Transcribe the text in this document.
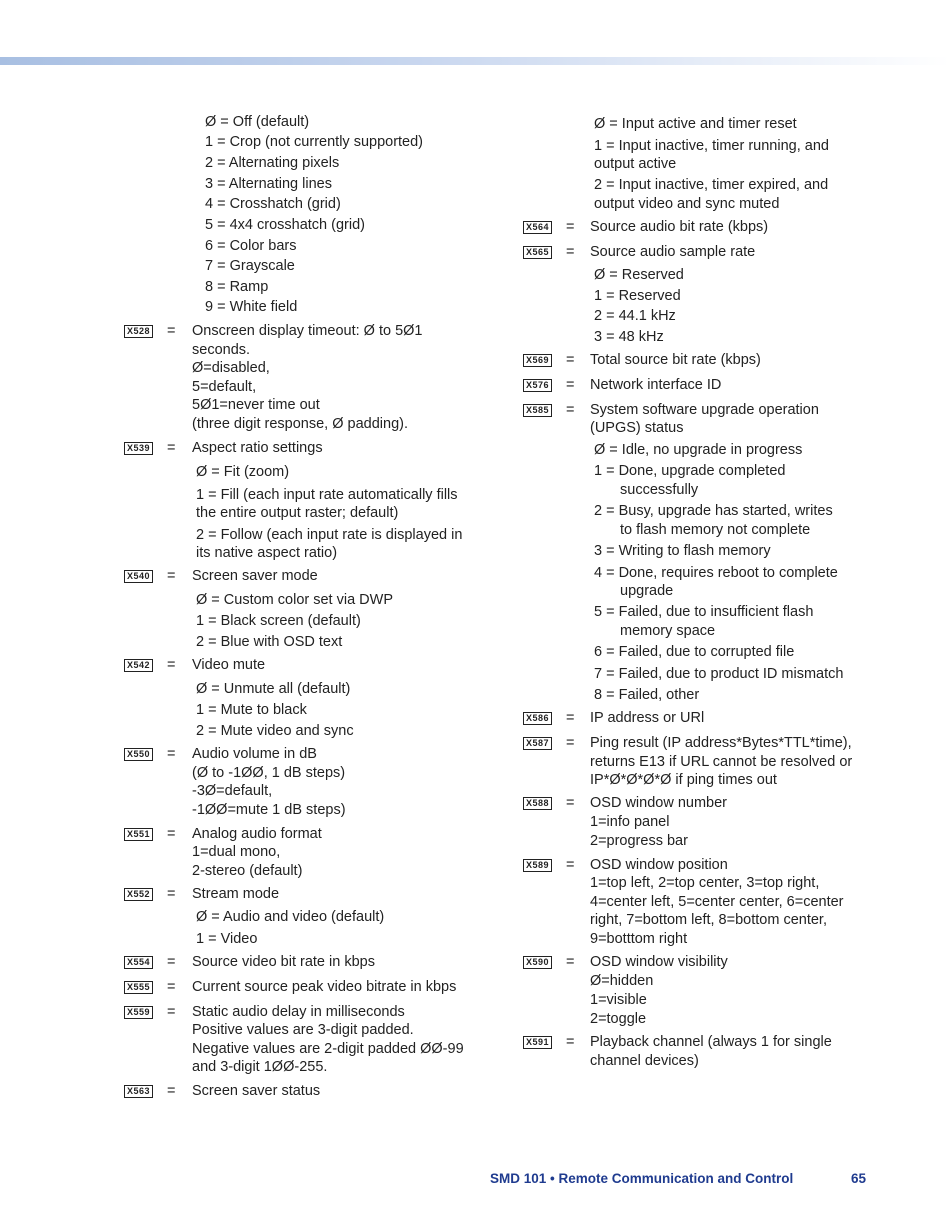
Ø = Off (default)
1 = Crop (not currently supported)
2 = Alternating pixels
3 = Alternating lines
4 = Crosshatch (grid)
5 = 4x4 crosshatch (grid)
6 = Color bars
7 = Grayscale
8 = Ramp
9 = White field
Onscreen display timeout: Ø to 5Ø1
seconds.
Ø=disabled,
5=default,
5Ø1=never time out
(three digit response, Ø padding).
Aspect ratio settings
Ø = Fit (zoom)
1 = Fill (each input rate automatically fills
the entire output raster; default)
2 = Follow (each input rate is displayed in
its native aspect ratio)
Screen saver mode
Ø = Custom color set via DWP
1 = Black screen (default)
2 = Blue with OSD text
Video mute
Ø = Unmute all (default)
1 = Mute to black
2 = Mute video and sync
Audio volume in dB
(Ø to -1ØØ, 1 dB steps)
-3Ø=default,
-1ØØ=mute 1 dB steps)
Analog audio format
1=dual mono,
2-stereo (default)
Stream mode
Ø = Audio and video (default)
1 = Video
Source video bit rate in kbps
Current source peak video bitrate in kbps
Static audio delay in milliseconds
Positive values are 3-digit padded.
Negative values are 2-digit padded ØØ-99
and 3-digit 1ØØ-255.
Screen saver status
X528 =
X539 =
X540 =
X542 =
X550 =
X551 =
X552 =
X554 =
X555 =
X559 =
X563 =
Ø = Input active and timer reset
1 = Input inactive, timer running, and
output active
2 = Input inactive, timer expired, and
output video and sync muted
Source audio bit rate (kbps)
Source audio sample rate
Ø = Reserved
1 = Reserved
2 = 44.1 kHz
3 = 48 kHz
Total source bit rate (kbps)
Network interface ID
System software upgrade operation
(UPGS) status
Ø = Idle, no upgrade in progress
1 = Done, upgrade completed
successfully
2 = Busy, upgrade has started, writes
to flash memory not complete
3 = Writing to flash memory
4 = Done, requires reboot to complete
upgrade
5 = Failed, due to insufficient flash
memory space
6 = Failed, due to corrupted file
7 = Failed, due to product ID mismatch
8 = Failed, other
IP address or URl
Ping result (IP address*Bytes*TTL*time),
returns E13 if URL cannot be resolved or
IP*Ø*Ø*Ø*Ø if ping times out
OSD window number
1=info panel
2=progress bar
OSD window position
1=top left, 2=top center, 3=top right,
4=center left, 5=center center, 6=center
right, 7=bottom left, 8=bottom center,
9=botttom right
OSD window visibility
Ø=hidden
1=visible
2=toggle
Playback channel (always 1 for single
channel devices)
X564 =
X565 =
X569 =
X576 =
X585 =
X586 =
X587 =
X588 =
X589 =
X590 =
X591 =
SMD 101 • Remote Communication and Control	65
